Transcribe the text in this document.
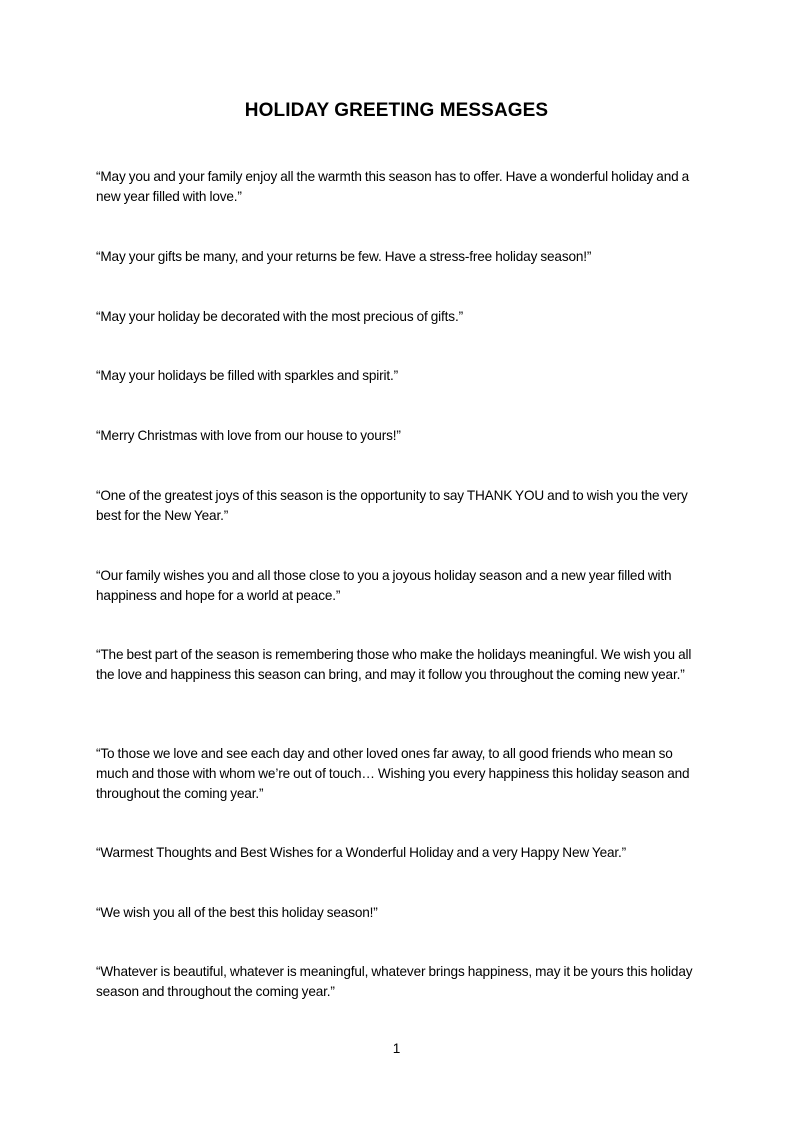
HOLIDAY GREETING MESSAGES

“May you and your family enjoy all the warmth this season has to offer. Have a wonderful holiday and a new year filled with love.”

“May your gifts be many, and your returns be few. Have a stress-free holiday season!”

“May your holiday be decorated with the most precious of gifts.”

“May your holidays be filled with sparkles and spirit.”

“Merry Christmas with love from our house to yours!”

“One of the greatest joys of this season is the opportunity to say THANK YOU and to wish you the very best for the New Year.”

“Our family wishes you and all those close to you a joyous holiday season and a new year filled with happiness and hope for a world at peace.”

“The best part of the season is remembering those who make the holidays meaningful. We wish you all the love and happiness this season can bring, and may it follow you throughout the coming new year.”

“To those we love and see each day and other loved ones far away, to all good friends who mean so much and those with whom we’re out of touch… Wishing you every happiness this holiday season and throughout the coming year.”

“Warmest Thoughts and Best Wishes for a Wonderful Holiday and a very Happy New Year.”

“We wish you all of the best this holiday season!”

“Whatever is beautiful, whatever is meaningful, whatever brings happiness, may it be yours this holiday season and throughout the coming year.”

1
